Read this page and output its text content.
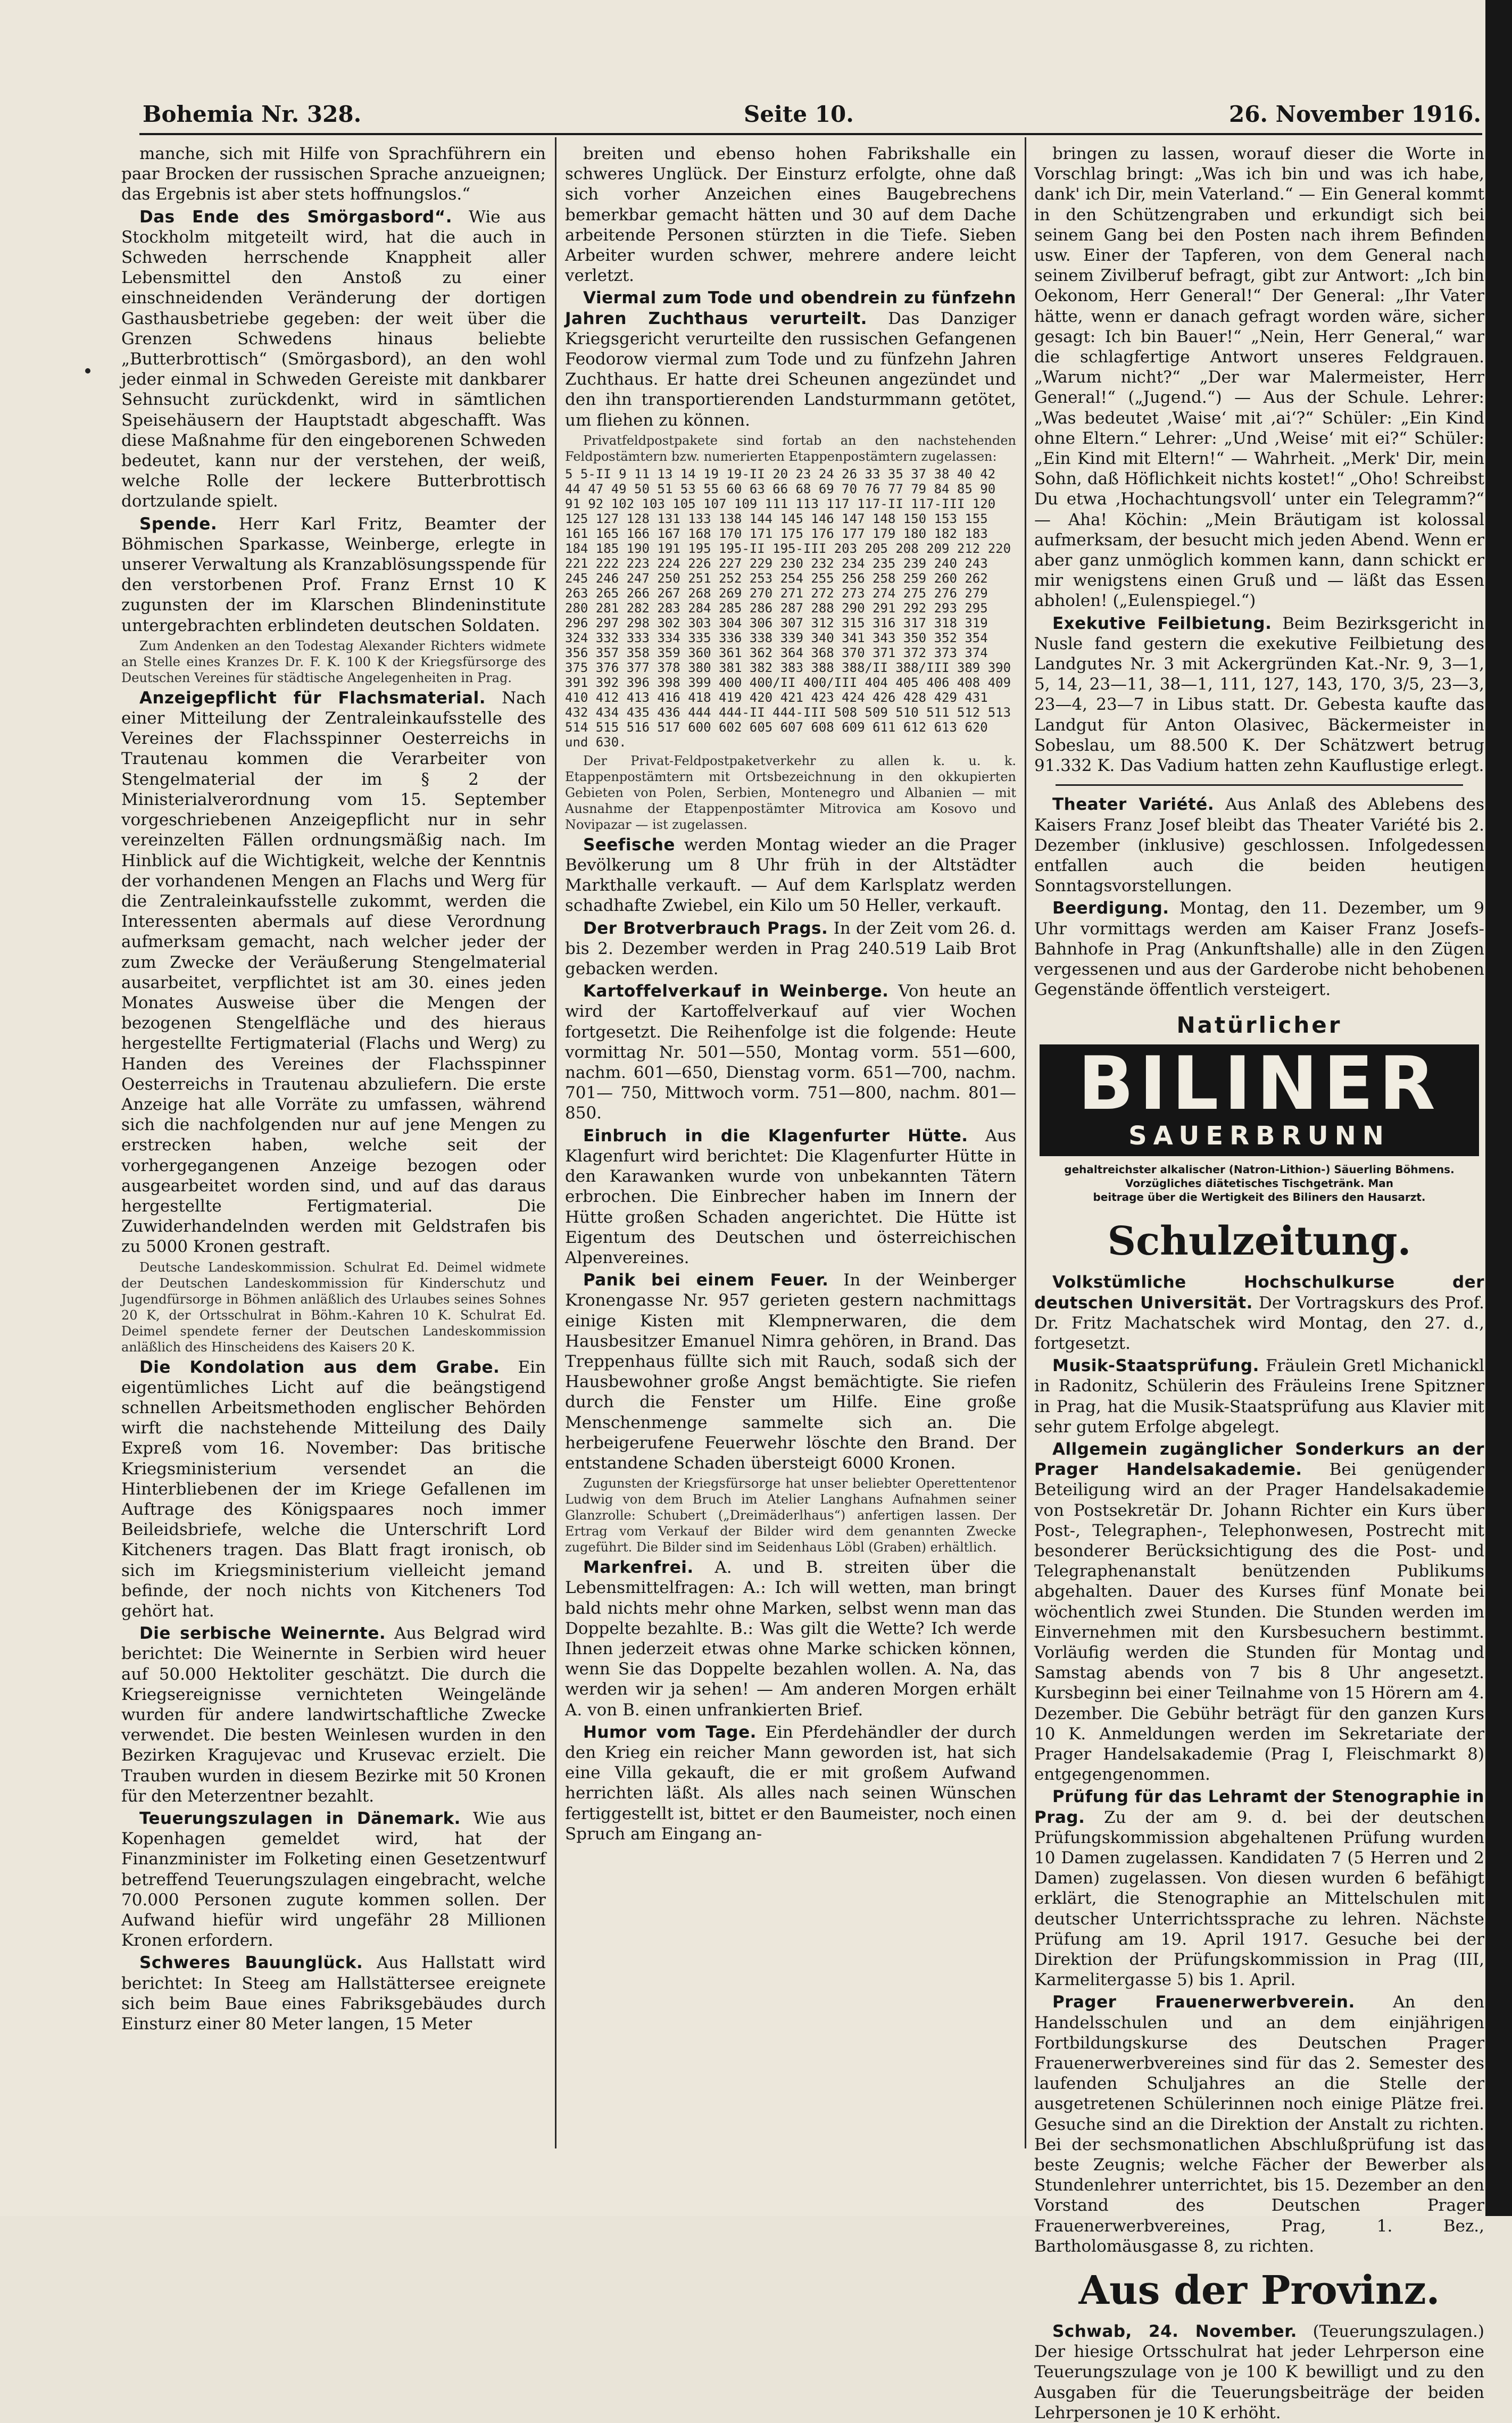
Bohemia Nr. 328.	Seite 10.	26. November 1916.

manche, sich mit Hilfe von Sprachführern ein paar Brocken der russischen Sprache anzueignen; das Ergebnis ist aber stets hoffnungslos.“

Das Ende des Smörgasbord“. Wie aus Stockholm mitgeteilt wird, hat die auch in Schweden herrschende Knappheit aller Lebensmittel den Anstoß zu einer einschneidenden Veränderung der dortigen Gasthausbetriebe gegeben: der weit über die Grenzen Schwedens hinaus beliebte „Butterbrottisch“ (Smörgasbord), an den wohl jeder einmal in Schweden Gereiste mit dankbarer Sehnsucht zurückdenkt, wird in sämtlichen Speisehäusern der Hauptstadt abgeschafft. Was diese Maßnahme für den eingeborenen Schweden bedeutet, kann nur der verstehen, der weiß, welche Rolle der leckere Butterbrottisch dortzulande spielt.

Spende. Herr Karl Fritz, Beamter der Böhmischen Sparkasse, Weinberge, erlegte in unserer Verwaltung als Kranzablösungsspende für den verstorbenen Prof. Franz Ernst 10 K zugunsten der im Klarschen Blindeninstitute untergebrachten erblindeten deutschen Soldaten.

Zum Andenken an den Todestag Alexander Richters widmete an Stelle eines Kranzes Dr. F. K. 100 K der Kriegsfürsorge des Deutschen Vereines für städtische Angelegenheiten in Prag.

Anzeigepflicht für Flachsmaterial. Nach einer Mitteilung der Zentraleinkaufsstelle des Vereines der Flachsspinner Oesterreichs in Trautenau kommen die Verarbeiter von Stengelmaterial der im § 2 der Ministerialverordnung vom 15. September vorgeschriebenen Anzeigepflicht nur in sehr vereinzelten Fällen ordnungsmäßig nach. Im Hinblick auf die Wichtigkeit, welche der Kenntnis der vorhandenen Mengen an Flachs und Werg für die Zentraleinkaufsstelle zukommt, werden die Interessenten abermals auf diese Verordnung aufmerksam gemacht, nach welcher jeder der zum Zwecke der Veräußerung Stengelmaterial ausarbeitet, verpflichtet ist am 30. eines jeden Monates Ausweise über die Mengen der bezogenen Stengelfläche und des hieraus hergestellte Fertigmaterial (Flachs und Werg) zu Handen des Vereines der Flachsspinner Oesterreichs in Trautenau abzuliefern. Die erste Anzeige hat alle Vorräte zu umfassen, während sich die nachfolgenden nur auf jene Mengen zu erstrecken haben, welche seit der vorhergegangenen Anzeige bezogen oder ausgearbeitet worden sind, und auf das daraus hergestellte Fertigmaterial. Die Zuwiderhandelnden werden mit Geldstrafen bis zu 5000 Kronen gestraft.

Deutsche Landeskommission. Schulrat Ed. Deimel widmete der Deutschen Landeskommission für Kinderschutz und Jugendfürsorge in Böhmen anläßlich des Urlaubes seines Sohnes 20 K, der Ortsschulrat in Böhm.-Kahren 10 K. Schulrat Ed. Deimel spendete ferner der Deutschen Landeskommission anläßlich des Hinscheidens des Kaisers 20 K.

Die Kondolation aus dem Grabe. Ein eigentümliches Licht auf die beängstigend schnellen Arbeitsmethoden englischer Behörden wirft die nachstehende Mitteilung des Daily Expreß vom 16. November: Das britische Kriegsministerium versendet an die Hinterbliebenen der im Kriege Gefallenen im Auftrage des Königspaares noch immer Beileidsbriefe, welche die Unterschrift Lord Kitcheners tragen. Das Blatt fragt ironisch, ob sich im Kriegsministerium vielleicht jemand befinde, der noch nichts von Kitcheners Tod gehört hat.

Die serbische Weinernte. Aus Belgrad wird berichtet: Die Weinernte in Serbien wird heuer auf 50.000 Hektoliter geschätzt. Die durch die Kriegsereignisse vernichteten Weingelände wurden für andere landwirtschaftliche Zwecke verwendet. Die besten Weinlesen wurden in den Bezirken Kragujevac und Krusevac erzielt. Die Trauben wurden in diesem Bezirke mit 50 Kronen für den Meterzentner bezahlt.

Teuerungszulagen in Dänemark. Wie aus Kopenhagen gemeldet wird, hat der Finanzminister im Folketing einen Gesetzentwurf betreffend Teuerungszulagen eingebracht, welche 70.000 Personen zugute kommen sollen. Der Aufwand hiefür wird ungefähr 28 Millionen Kronen erfordern.

Schweres Bauunglück. Aus Hallstatt wird berichtet: In Steeg am Hallstättersee ereignete sich beim Baue eines Fabriksgebäudes durch Einsturz einer 80 Meter langen, 15 Meter

breiten und ebenso hohen Fabrikshalle ein schweres Unglück. Der Einsturz erfolgte, ohne daß sich vorher Anzeichen eines Baugebrechens bemerkbar gemacht hätten und 30 auf dem Dache arbeitende Personen stürzten in die Tiefe. Sieben Arbeiter wurden schwer, mehrere andere leicht verletzt.

Viermal zum Tode und obendrein zu fünfzehn Jahren Zuchthaus verurteilt. Das Danziger Kriegsgericht verurteilte den russischen Gefangenen Feodorow viermal zum Tode und zu fünfzehn Jahren Zuchthaus. Er hatte drei Scheunen angezündet und den ihn transportierenden Landsturmmann getötet, um fliehen zu können.

Privatfeldpostpakete sind fortab an den nachstehenden Feldpostämtern bzw. numerierten Etappenpostämtern zugelassen:

5 5-II 9 11 13 14 19 19-II 20 23 24 26 33 35 37 38 40 42 44 47 49 50 51 53 55 60 63 66 68 69 70 76 77 79 84 85 90 91 92 102 103 105 107 109 111 113 117 117-II 117-III 120 125 127 128 131 133 138 144 145 146 147 148 150 153 155 161 165 166 167 168 170 171 175 176 177 179 180 182 183 184 185 190 191 195 195-II 195-III 203 205 208 209 212 220 221 222 223 224 226 227 229 230 232 234 235 239 240 243 245 246 247 250 251 252 253 254 255 256 258 259 260 262 263 265 266 267 268 269 270 271 272 273 274 275 276 279 280 281 282 283 284 285 286 287 288 290 291 292 293 295 296 297 298 302 303 304 306 307 312 315 316 317 318 319 324 332 333 334 335 336 338 339 340 341 343 350 352 354 356 357 358 359 360 361 362 364 368 370 371 372 373 374 375 376 377 378 380 381 382 383 388 388/II 388/III 389 390 391 392 396 398 399 400 400/II 400/III 404 405 406 408 409 410 412 413 416 418 419 420 421 423 424 426 428 429 431 432 434 435 436 444 444-II 444-III 508 509 510 511 512 513 514 515 516 517 600 602 605 607 608 609 611 612 613 620 und 630.

Der Privat-Feldpostpaketverkehr zu allen k. u. k. Etappenpostämtern mit Ortsbezeichnung in den okkupierten Gebieten von Polen, Serbien, Montenegro und Albanien — mit Ausnahme der Etappenpostämter Mitrovica am Kosovo und Novipazar — ist zugelassen.

Seefische werden Montag wieder an die Prager Bevölkerung um 8 Uhr früh in der Altstädter Markthalle verkauft. — Auf dem Karlsplatz werden schadhafte Zwiebel, ein Kilo um 50 Heller, verkauft.

Der Brotverbrauch Prags. In der Zeit vom 26. d. bis 2. Dezember werden in Prag 240.519 Laib Brot gebacken werden.

Kartoffelverkauf in Weinberge. Von heute an wird der Kartoffelverkauf auf vier Wochen fortgesetzt. Die Reihenfolge ist die folgende: Heute vormittag Nr. 501—550, Montag vorm. 551—600, nachm. 601—650, Dienstag vorm. 651—700, nachm. 701— 750, Mittwoch vorm. 751—800, nachm. 801—850.

Einbruch in die Klagenfurter Hütte. Aus Klagenfurt wird berichtet: Die Klagenfurter Hütte in den Karawanken wurde von unbekannten Tätern erbrochen. Die Einbrecher haben im Innern der Hütte großen Schaden angerichtet. Die Hütte ist Eigentum des Deutschen und österreichischen Alpenvereines.

Panik bei einem Feuer. In der Weinberger Kronengasse Nr. 957 gerieten gestern nachmittags einige Kisten mit Klempnerwaren, die dem Hausbesitzer Emanuel Nimra gehören, in Brand. Das Treppenhaus füllte sich mit Rauch, sodaß sich der Hausbewohner große Angst bemächtigte. Sie riefen durch die Fenster um Hilfe. Eine große Menschenmenge sammelte sich an. Die herbeigerufene Feuerwehr löschte den Brand. Der entstandene Schaden übersteigt 6000 Kronen.

Zugunsten der Kriegsfürsorge hat unser beliebter Operettentenor Ludwig von dem Bruch im Atelier Langhans Aufnahmen seiner Glanzrolle: Schubert („Dreimäderlhaus“) anfertigen lassen. Der Ertrag vom Verkauf der Bilder wird dem genannten Zwecke zugeführt. Die Bilder sind im Seidenhaus Löbl (Graben) erhältlich.

Markenfrei. A. und B. streiten über die Lebensmittelfragen: A.: Ich will wetten, man bringt bald nichts mehr ohne Marken, selbst wenn man das Doppelte bezahlte. B.: Was gilt die Wette? Ich werde Ihnen jederzeit etwas ohne Marke schicken können, wenn Sie das Doppelte bezahlen wollen. A. Na, das werden wir ja sehen! — Am anderen Morgen erhält A. von B. einen unfrankierten Brief.

Humor vom Tage. Ein Pferdehändler der durch den Krieg ein reicher Mann geworden ist, hat sich eine Villa gekauft, die er mit großem Aufwand herrichten läßt. Als alles nach seinen Wünschen fertiggestellt ist, bittet er den Baumeister, noch einen Spruch am Eingang an-

bringen zu lassen, worauf dieser die Worte in Vorschlag bringt: „Was ich bin und was ich habe, dank' ich Dir, mein Vaterland.“ — Ein General kommt in den Schützengraben und erkundigt sich bei seinem Gang bei den Posten nach ihrem Befinden usw. Einer der Tapferen, von dem General nach seinem Zivilberuf befragt, gibt zur Antwort: „Ich bin Oekonom, Herr General!“ Der General: „Ihr Vater hätte, wenn er danach gefragt worden wäre, sicher gesagt: Ich bin Bauer!“ „Nein, Herr General,“ war die schlagfertige Antwort unseres Feldgrauen. „Warum nicht?“ „Der war Malermeister, Herr General!“ („Jugend.“) — Aus der Schule. Lehrer: „Was bedeutet ‚Waise‘ mit ‚ai‘?“ Schüler: „Ein Kind ohne Eltern.“ Lehrer: „Und ‚Weise‘ mit ei?“ Schüler: „Ein Kind mit Eltern!“ — Wahrheit. „Merk' Dir, mein Sohn, daß Höflichkeit nichts kostet!“ „Oho! Schreibst Du etwa ‚Hochachtungsvoll‘ unter ein Telegramm?“ — Aha! Köchin: „Mein Bräutigam ist kolossal aufmerksam, der besucht mich jeden Abend. Wenn er aber ganz unmöglich kommen kann, dann schickt er mir wenigstens einen Gruß und — läßt das Essen abholen! („Eulenspiegel.“)

Exekutive Feilbietung. Beim Bezirksgericht in Nusle fand gestern die exekutive Feilbietung des Landgutes Nr. 3 mit Ackergründen Kat.-Nr. 9, 3—1, 5, 14, 23—11, 38—1, 111, 127, 143, 170, 3/5, 23—3, 23—4, 23—7 in Libus statt. Dr. Gebesta kaufte das Landgut für Anton Olasivec, Bäckermeister in Sobeslau, um 88.500 K. Der Schätzwert betrug 91.332 K. Das Vadium hatten zehn Kauflustige erlegt.

Theater Variété. Aus Anlaß des Ablebens des Kaisers Franz Josef bleibt das Theater Variété bis 2. Dezember (inklusive) geschlossen. Infolgedessen entfallen auch die beiden heutigen Sonntagsvorstellungen.

Beerdigung. Montag, den 11. Dezember, um 9 Uhr vormittags werden am Kaiser Franz Josefs-Bahnhofe in Prag (Ankunftshalle) alle in den Zügen vergessenen und aus der Garderobe nicht behobenen Gegenstände öffentlich versteigert.

Natürlicher
BILINER
SAUERBRUNN
gehaltreichster alkalischer (Natron-Lithion-) Säuerling Böhmens. Vorzügliches diätetisches Tischgetränk. Man
beitrage über die Wertigkeit des Biliners den Hausarzt.
Schulzeitung.

Volkstümliche Hochschulkurse der deutschen Universität. Der Vortragskurs des Prof. Dr. Fritz Machatschek wird Montag, den 27. d., fortgesetzt.

Musik-Staatsprüfung. Fräulein Gretl Michanickl in Radonitz, Schülerin des Fräuleins Irene Spitzner in Prag, hat die Musik-Staatsprüfung aus Klavier mit sehr gutem Erfolge abgelegt.

Allgemein zugänglicher Sonderkurs an der Prager Handelsakademie. Bei genügender Beteiligung wird an der Prager Handelsakademie von Postsekretär Dr. Johann Richter ein Kurs über Post-, Telegraphen-, Telephonwesen, Postrecht mit besonderer Berücksichtigung des die Post- und Telegraphenanstalt benützenden Publikums abgehalten. Dauer des Kurses fünf Monate bei wöchentlich zwei Stunden. Die Stunden werden im Einvernehmen mit den Kursbesuchern bestimmt. Vorläufig werden die Stunden für Montag und Samstag abends von 7 bis 8 Uhr angesetzt. Kursbeginn bei einer Teilnahme von 15 Hörern am 4. Dezember. Die Gebühr beträgt für den ganzen Kurs 10 K. Anmeldungen werden im Sekretariate der Prager Handelsakademie (Prag I, Fleischmarkt 8) entgegengenommen.

Prüfung für das Lehramt der Stenographie in Prag. Zu der am 9. d. bei der deutschen Prüfungskommission abgehaltenen Prüfung wurden 10 Damen zugelassen. Kandidaten 7 (5 Herren und 2 Damen) zugelassen. Von diesen wurden 6 befähigt erklärt, die Stenographie an Mittelschulen mit deutscher Unterrichtssprache zu lehren. Nächste Prüfung am 19. April 1917. Gesuche bei der Direktion der Prüfungskommission in Prag (III, Karmelitergasse 5) bis 1. April.

Prager Frauenerwerbverein. An den Handelsschulen und an dem einjährigen Fortbildungskurse des Deutschen Prager Frauenerwerbvereines sind für das 2. Semester des laufenden Schuljahres an die Stelle der ausgetretenen Schülerinnen noch einige Plätze frei. Gesuche sind an die Direktion der Anstalt zu richten. Bei der sechsmonatlichen Abschlußprüfung ist das beste Zeugnis; welche Fächer der Bewerber als Stundenlehrer unterrichtet, bis 15. Dezember an den Vorstand des Deutschen Prager Frauenerwerbvereines, Prag, 1. Bez., Bartholomäusgasse 8, zu richten.

Aus der Provinz.

Schwab, 24. November. (Teuerungszulagen.) Der hiesige Ortsschulrat hat jeder Lehrperson eine Teuerungszulage von je 100 K bewilligt und zu den Ausgaben für die Teuerungsbeiträge der beiden Lehrpersonen je 10 K erhöht.
